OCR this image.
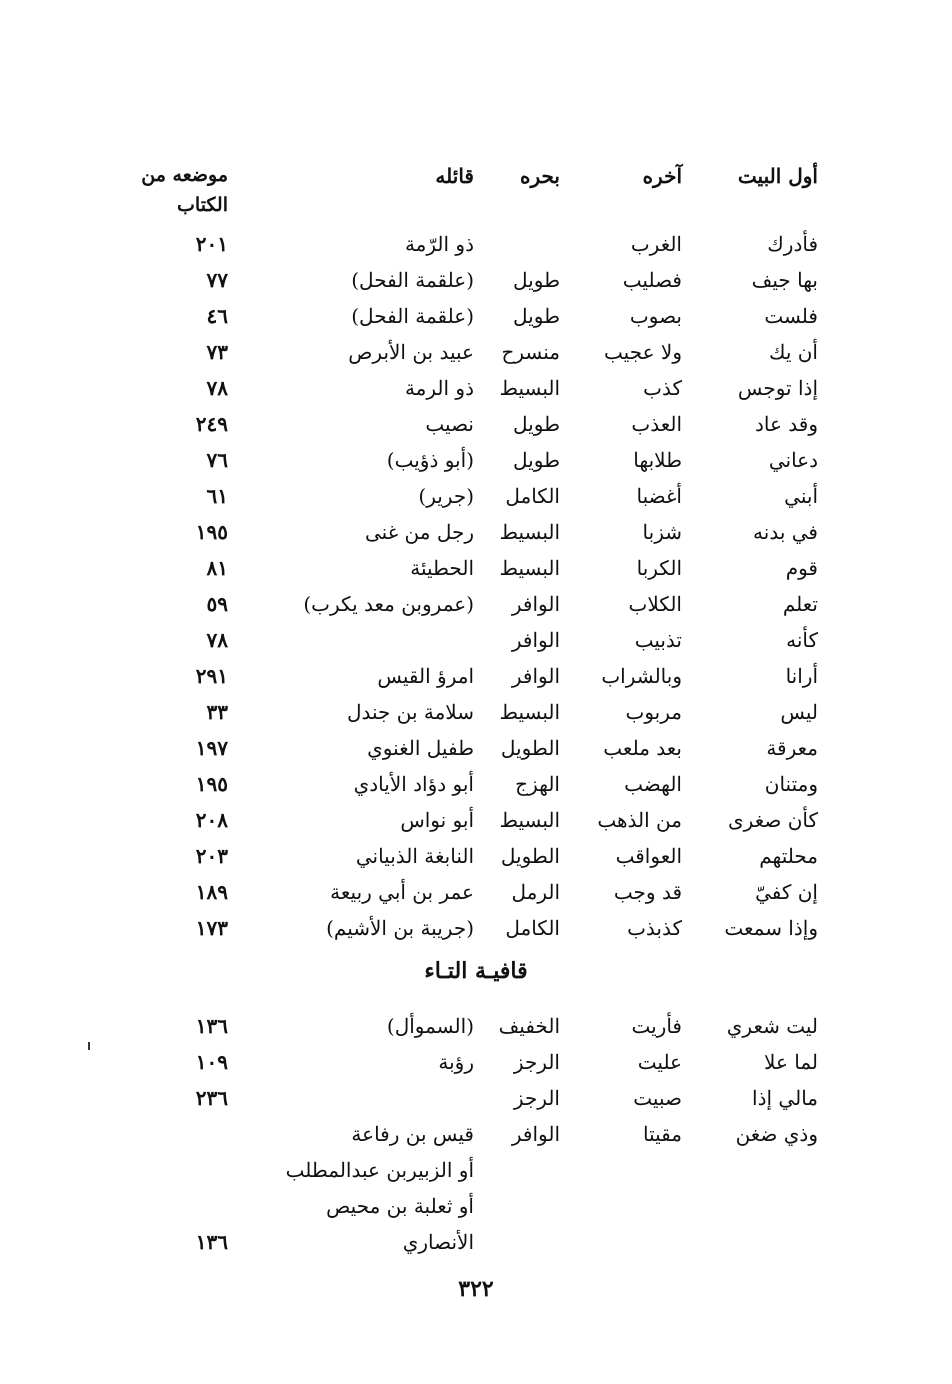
أول البيت
آخره
بحره
قائله
موضعه من
الكتاب
فأدرك
الغرب
ذو الرّمة
٢٠١
بها جيف
فصليب
طويل
(علقمة الفحل)
٧٧
فلست
بصوب
طويل
(علقمة الفحل)
٤٦
أن يك
ولا عجيب
منسرح
عبيد بن الأبرص
٧٣
إذا توجس
كذب
البسيط
ذو الرمة
٧٨
وقد عاد
العذب
طويل
نصيب
٢٤٩
دعاني
طلابها
طويل
(أبو ذؤيب)
٧٦
أبني
أغضبا
الكامل
(جرير)
٦١
في بدنه
شزبا
البسيط
رجل من غنى
١٩٥
قوم
الكربا
البسيط
الحطيئة
٨١
تعلم
الكلاب
الوافر
(عمروبن معد يكرب)
٥٩
كأنه
تذبيب
الوافر
٧٨
أرانا
وبالشراب
الوافر
امرؤ القيس
٢٩١
ليس
مربوب
البسيط
سلامة بن جندل
٣٣
معرقة
بعد ملعب
الطويل
طفيل الغنوي
١٩٧
ومتنان
الهضب
الهزج
أبو دؤاد الأيادي
١٩٥
كأن صغرى
من الذهب
البسيط
أبو نواس
٢٠٨
محلتهم
العواقب
الطويل
النابغة الذبياني
٢٠٣
إن كفيّ
قد وجب
الرمل
عمر بن أبي ربيعة
١٨٩
وإذا سمعت
كذبذب
الكامل
(جريبة بن الأشيم)
١٧٣
قافيـة التـاء
ليت شعري
فأريت
الخفيف
(السموأل)
١٣٦
لما علا
عليت
الرجز
رؤبة
١٠٩
مالي إذا
صبيت
الرجز
٢٣٦
وذي ضغن
مقيتا
الوافر
قيس بن رفاعة
أو الزبيربن عبدالمطلب
أو ثعلبة بن محيص
الأنصاري
١٣٦
٣٢٢
